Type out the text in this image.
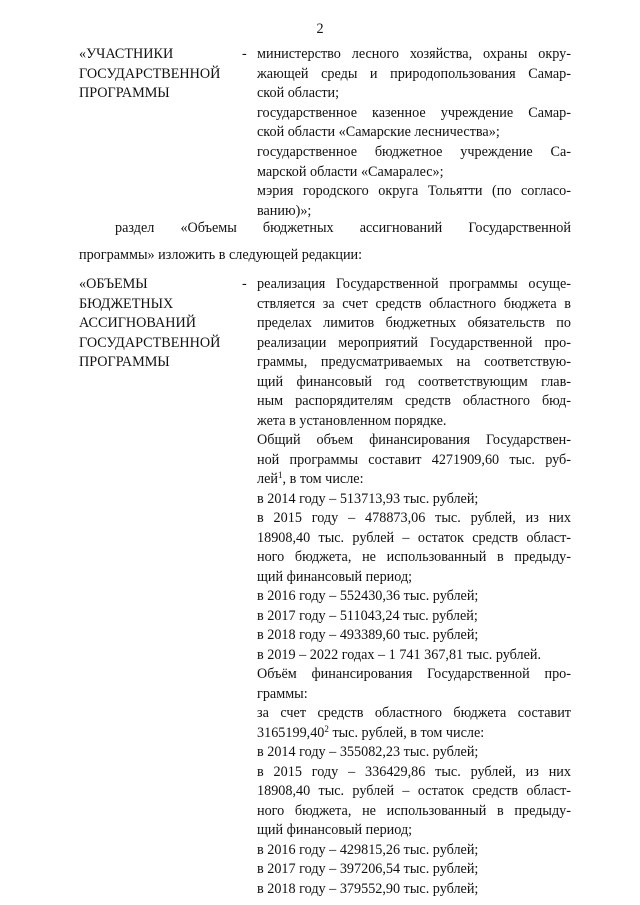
2
«УЧАСТНИКИ
ГОСУДАРСТВЕННОЙ
ПРОГРАММЫ
- министерство лесного хозяйства, охраны окру-
жающей среды и природопользования Самар-
ской области;
государственное казенное учреждение Самар-
ской области «Самарские лесничества»;
государственное бюджетное учреждение Са-
марской области «Самаралес»;
мэрия городского округа Тольятти (по согласо-
ванию)»;
раздел «Объемы бюджетных ассигнований Государственной
программы» изложить в следующей редакции:
«ОБЪЕМЫ
БЮДЖЕТНЫХ
АССИГНОВАНИЙ
ГОСУДАРСТВЕННОЙ
ПРОГРАММЫ
- реализация Государственной программы осуще-
ствляется за счет средств областного бюджета в
пределах лимитов бюджетных обязательств по
реализации мероприятий Государственной про-
граммы, предусматриваемых на соответствую-
щий финансовый год соответствующим глав-
ным распорядителям средств областного бюд-
жета в установленном порядке.
Общий объем финансирования Государствен-
ной программы составит 4271909,60 тыс. руб-
лей$^1$, в том числе:
в 2014 году – 513713,93 тыс. рублей;
в 2015 году – 478873,06 тыс. рублей, из них
18908,40 тыс. рублей – остаток средств облаcт-
ного бюджета, не использованный в предыду-
щий финансовый период;
в 2016 году – 552430,36 тыс. рублей;
в 2017 году – 511043,24 тыс. рублей;
в 2018 году – 493389,60 тыс. рублей;
в 2019 – 2022 годах – 1 741 367,81 тыс. рублей.
Объём финансирования Государственной про-
граммы:
за счет средств областного бюджета составит
3165199,40$^2$ тыс. рублей, в том числе:
в 2014 году – 355082,23 тыс. рублей;
в 2015 году – 336429,86 тыс. рублей, из них
18908,40 тыс. рублей – остаток средств облаcт-
ного бюджета, не использованный в предыду-
щий финансовый период;
в 2016 году – 429815,26 тыс. рублей;
в 2017 году – 397206,54 тыс. рублей;
в 2018 году – 379552,90 тыс. рублей;
